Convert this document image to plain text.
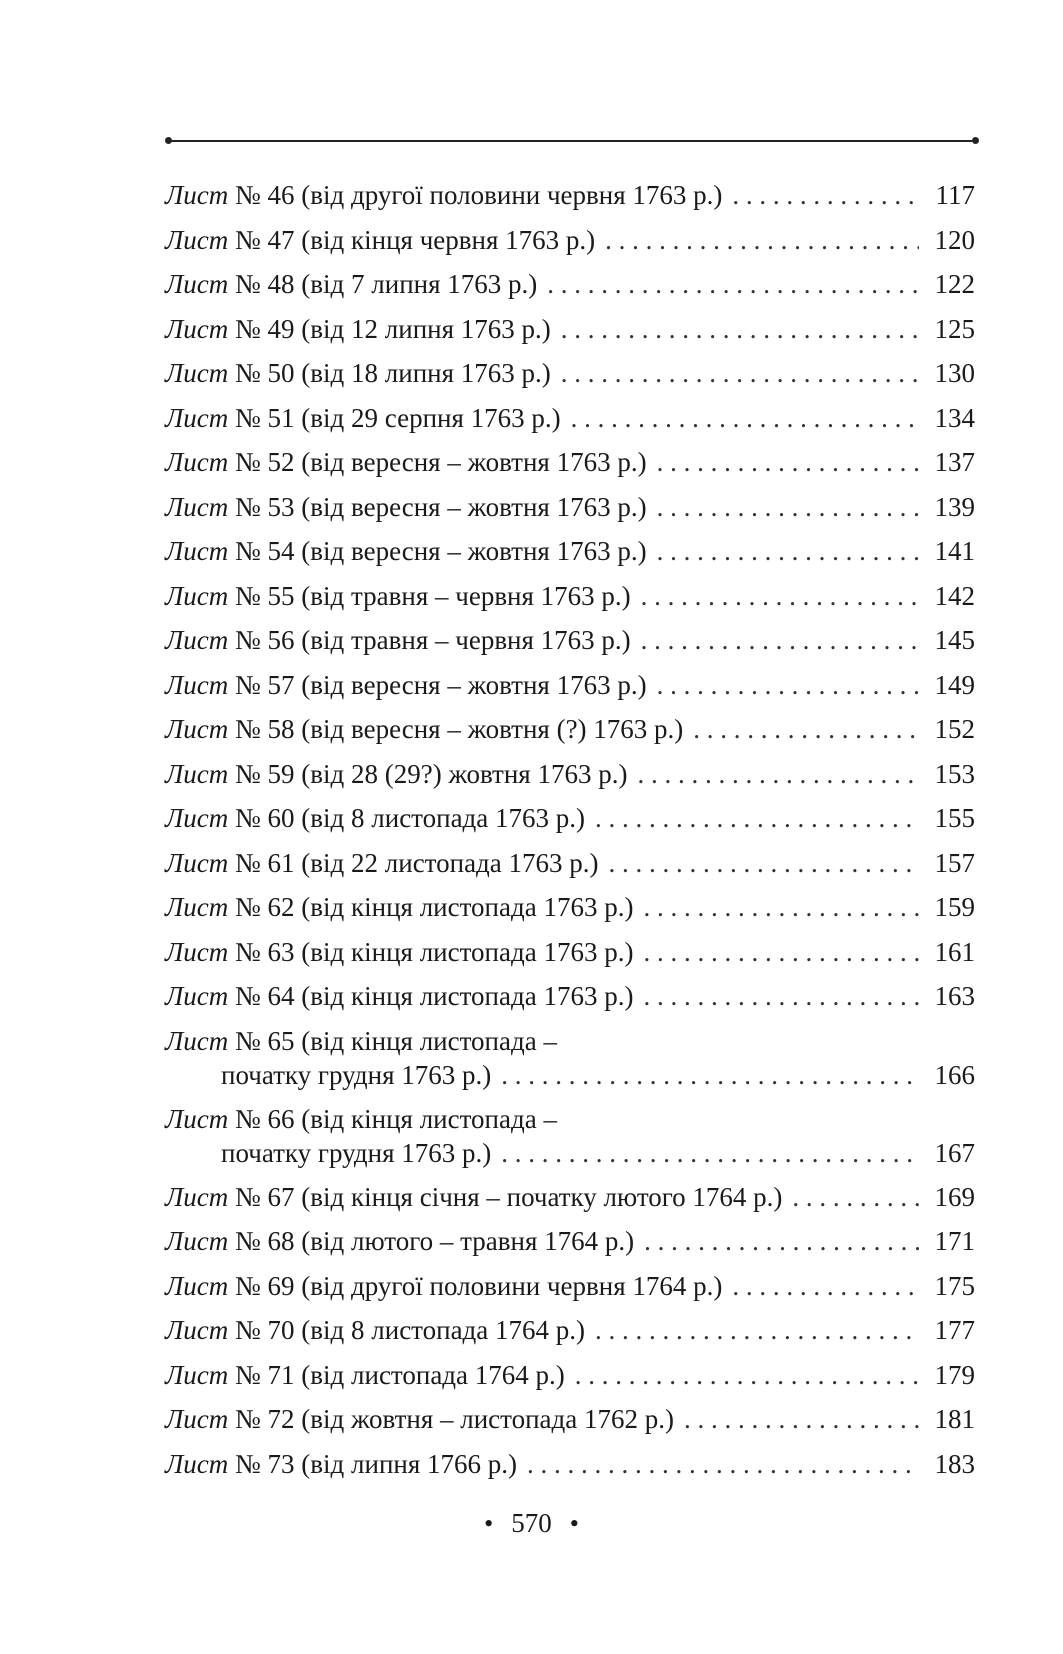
Лист № 46 (від другої половини червня 1763 р.) . . .	117
Лист № 47 (від кінця червня 1763 р.) . . .	120
Лист № 48 (від 7 липня 1763 р.) . . .	122
Лист № 49 (від 12 липня 1763 р.) . . .	125
Лист № 50 (від 18 липня 1763 р.) . . .	130
Лист № 51 (від 29 серпня 1763 р.) . . .	134
Лист № 52 (від вересня – жовтня 1763 р.) . . .	137
Лист № 53 (від вересня – жовтня 1763 р.) . . .	139
Лист № 54 (від вересня – жовтня 1763 р.) . . .	141
Лист № 55 (від травня – червня 1763 р.) . . .	142
Лист № 56 (від травня – червня 1763 р.) . . .	145
Лист № 57 (від вересня – жовтня 1763 р.) . . .	149
Лист № 58 (від вересня – жовтня (?) 1763 р.) . . .	152
Лист № 59 (від 28 (29?) жовтня 1763 р.) . . .	153
Лист № 60 (від 8 листопада 1763 р.) . . .	155
Лист № 61 (від 22 листопада 1763 р.) . . .	157
Лист № 62 (від кінця листопада 1763 р.) . . .	159
Лист № 63 (від кінця листопада 1763 р.) . . .	161
Лист № 64 (від кінця листопада 1763 р.) . . .	163
Лист № 65 (від кінця листопада –
початку грудня 1763 р.) . . .	166
Лист № 66 (від кінця листопада –
початку грудня 1763 р.) . . .	167
Лист № 67 (від кінця січня – початку лютого 1764 р.) . . .	169
Лист № 68 (від лютого – травня 1764 р.) . . .	171
Лист № 69 (від другої половини червня 1764 р.) . . .	175
Лист № 70 (від 8 листопада 1764 р.) . . .	177
Лист № 71 (від листопада 1764 р.) . . .	179
Лист № 72 (від жовтня – листопада 1762 р.) . . .	181
Лист № 73 (від липня 1766 р.) . . .	183
• 570 •
